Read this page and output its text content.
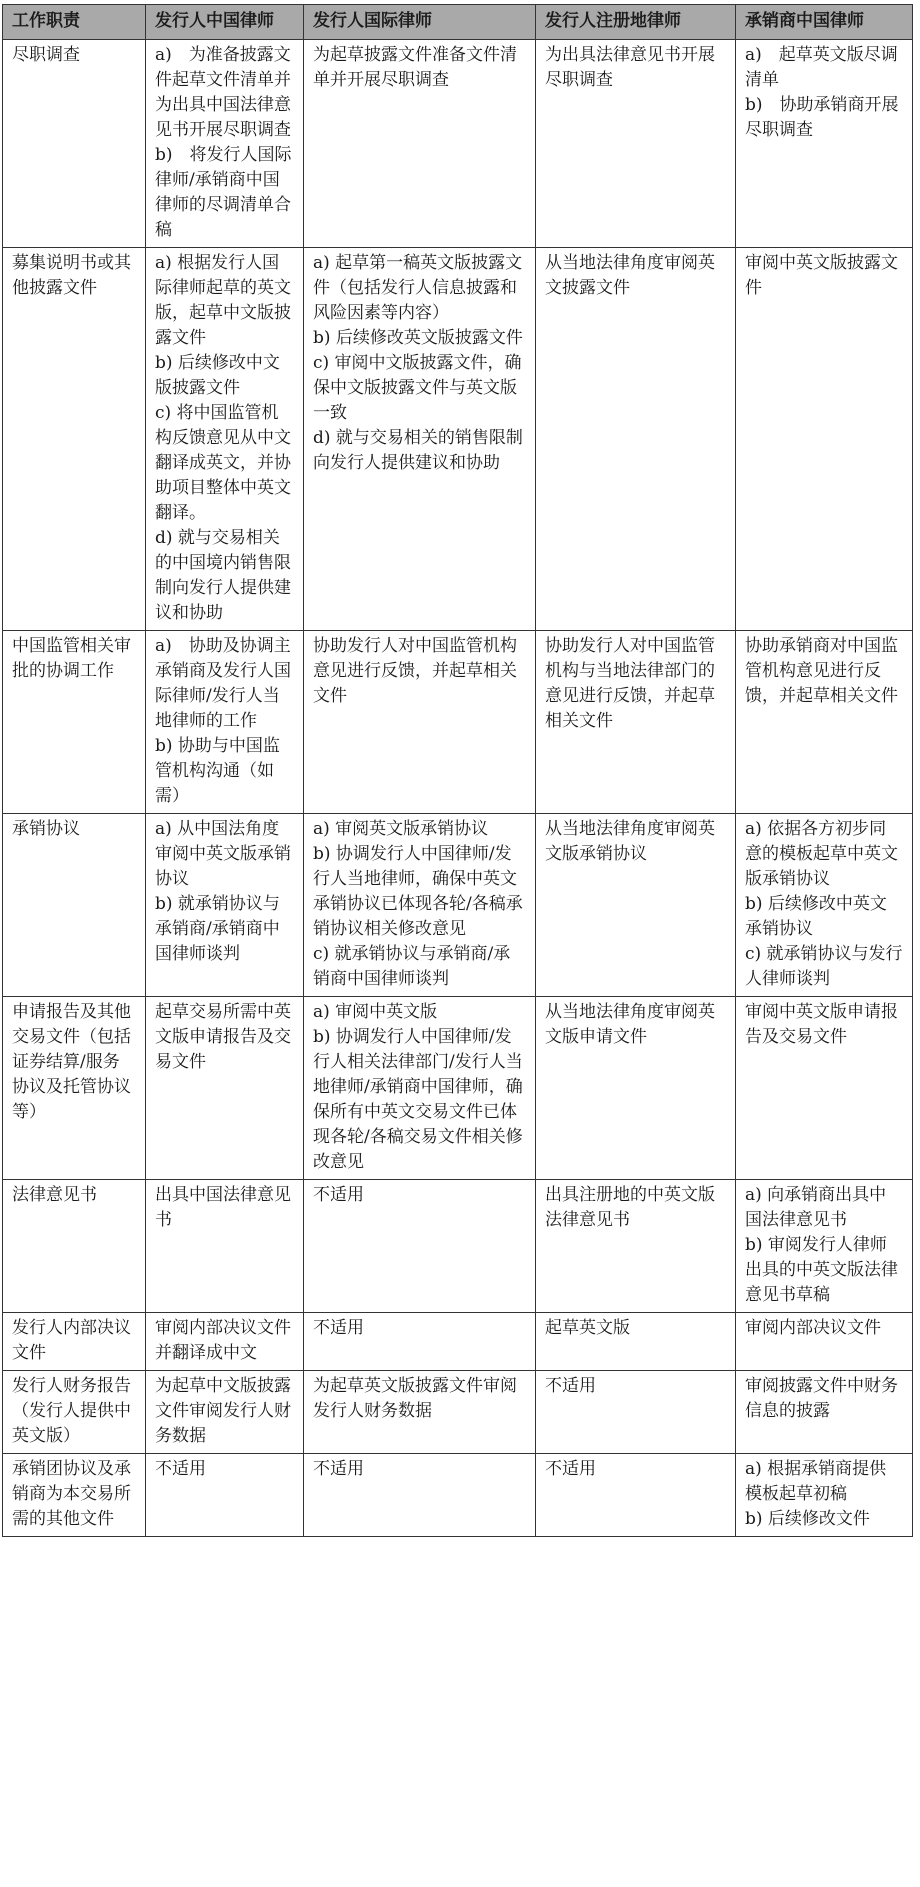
工作职责	发行人中国律师	发行人国际律师	发行人注册地律师	承销商中国律师
尽职调查	a)　为准备披露文件起草文件清单并为出具中国法律意见书开展尽职调查
b)　将发行人国际律师/承销商中国律师的尽调清单合稿	为起草披露文件准备文件清单并开展尽职调查	为出具法律意见书开展尽职调查	a)　起草英文版尽调清单
b)　协助承销商开展尽职调查

募集说明书或其他披露文件	a) 根据发行人国际律师起草的英文版，起草中文版披露文件
b) 后续修改中文版披露文件
c) 将中国监管机构反馈意见从中文翻译成英文，并协助项目整体中英文翻译。
d) 就与交易相关的中国境内销售限制向发行人提供建议和协助	a) 起草第一稿英文版披露文件（包括发行人信息披露和风险因素等内容）
b) 后续修改英文版披露文件
c) 审阅中文版披露文件，确保中文版披露文件与英文版一致
d) 就与交易相关的销售限制向发行人提供建议和协助	从当地法律角度审阅英文披露文件	审阅中英文版披露文件

中国监管相关审批的协调工作	a)　协助及协调主承销商及发行人国际律师/发行人当地律师的工作
b) 协助与中国监管机构沟通（如需）	协助发行人对中国监管机构意见进行反馈，并起草相关文件	协助发行人对中国监管机构与当地法律部门的意见进行反馈，并起草相关文件	协助承销商对中国监管机构意见进行反馈，并起草相关文件

承销协议	a) 从中国法角度审阅中英文版承销协议
b) 就承销协议与承销商/承销商中国律师谈判	a) 审阅英文版承销协议
b) 协调发行人中国律师/发行人当地律师，确保中英文承销协议已体现各轮/各稿承销协议相关修改意见
c) 就承销协议与承销商/承销商中国律师谈判	从当地法律角度审阅英文版承销协议	a) 依据各方初步同意的模板起草中英文版承销协议
b) 后续修改中英文承销协议
c) 就承销协议与发行人律师谈判

申请报告及其他交易文件（包括证券结算/服务协议及托管协议等）	起草交易所需中英文版申请报告及交易文件	a) 审阅中英文版
b) 协调发行人中国律师/发行人相关法律部门/发行人当地律师/承销商中国律师，确保所有中英文交易文件已体现各轮/各稿交易文件相关修改意见	从当地法律角度审阅英文版申请文件	审阅中英文版申请报告及交易文件

法律意见书	出具中国法律意见书	不适用	出具注册地的中英文版法律意见书	a) 向承销商出具中国法律意见书
b) 审阅发行人律师出具的中英文版法律意见书草稿

发行人内部决议文件	审阅内部决议文件并翻译成中文	不适用	起草英文版	审阅内部决议文件

发行人财务报告（发行人提供中英文版）	为起草中文版披露文件审阅发行人财务数据	为起草英文版披露文件审阅发行人财务数据	不适用	审阅披露文件中财务信息的披露

承销团协议及承销商为本交易所需的其他文件	不适用	不适用	不适用	a) 根据承销商提供模板起草初稿
b) 后续修改文件
